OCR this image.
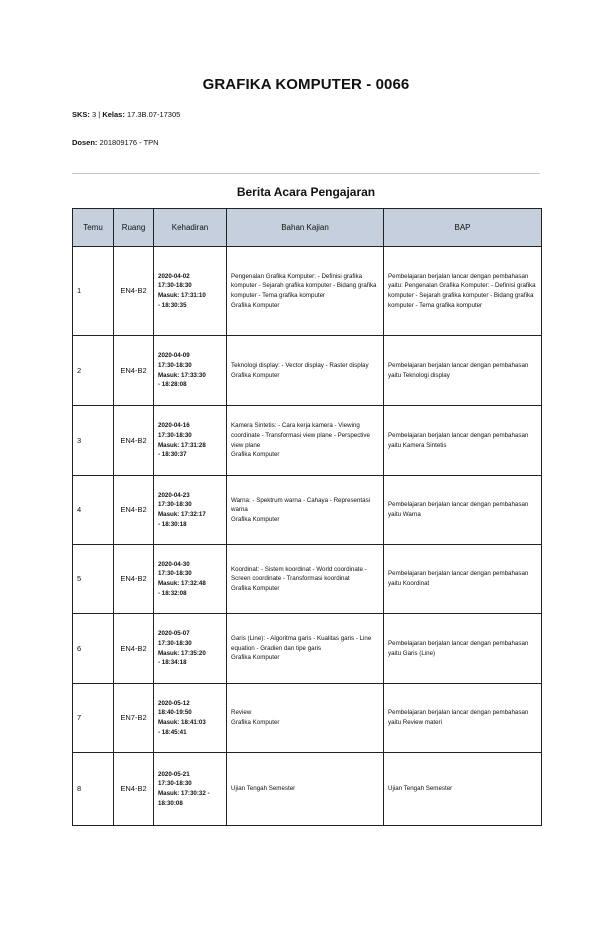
GRAFIKA KOMPUTER - 0066
SKS: 3 | Kelas: 17.3B.07-17305
Dosen: 201809176 - TPN
Berita Acara Pengajaran
Temu	Ruang	Kehadiran	Bahan Kajian	BAP
1	EN4-B2	2020-04-02
17:30-18:30
Masuk: 17:31:10
- 18:30:35	Pengenalan Grafika Komputer: - Definisi grafika komputer - Sejarah grafika komputer - Bidang grafika komputer - Tema grafika komputer
Grafika Komputer	Pembelajaran berjalan lancar dengan pembahasan yaitu: Pengenalan Grafika Komputer: - Definisi grafika komputer - Sejarah grafika komputer - Bidang grafika komputer - Tema grafika komputer
2	EN4-B2	2020-04-09
17:30-18:30
Masuk: 17:33:30
- 18:28:08	Teknologi display: - Vector display - Raster display
Grafika Komputer	Pembelajaran berjalan lancar dengan pembahasan yaitu Teknologi display
3	EN4-B2	2020-04-16
17:30-18:30
Masuk: 17:31:28
- 18:30:37	Kamera Sintetis: - Cara kerja kamera - Viewing coordinate - Transformasi view plane - Perspective view plane
Grafika Komputer	Pembelajaran berjalan lancar dengan pembahasan yaitu Kamera Sintetis
4	EN4-B2	2020-04-23
17:30-18:30
Masuk: 17:32:17
- 18:30:18	Warna: - Spektrum warna - Cahaya - Representasi warna
Grafika Komputer	Pembelajaran berjalan lancar dengan pembahasan yaitu Warna
5	EN4-B2	2020-04-30
17:30-18:30
Masuk: 17:32:48
- 18:32:08	Koordinat: - Sistem koordinat - World coordinate - Screen coordinate - Transformasi koordinat
Grafika Komputer	Pembelajaran berjalan lancar dengan pembahasan yaitu Koordinat
6	EN4-B2	2020-05-07
17:30-18:30
Masuk: 17:35:20
- 18:34:18	Garis (Line): - Algoritma garis - Kualitas garis - Line equation - Gradien dan tipe garis
Grafika Komputer	Pembelajaran berjalan lancar dengan pembahasan yaitu Garis (Line)
7	EN7-B2	2020-05-12
18:40-19:50
Masuk: 18:41:03
- 18:45:41	Review
Grafika Komputer	Pembelajaran berjalan lancar dengan pembahasan yaitu Review materi
8	EN4-B2	2020-05-21
17:30-18:30
Masuk: 17:30:32 -
18:30:08	Ujian Tengah Semester	Ujian Tengah Semester
